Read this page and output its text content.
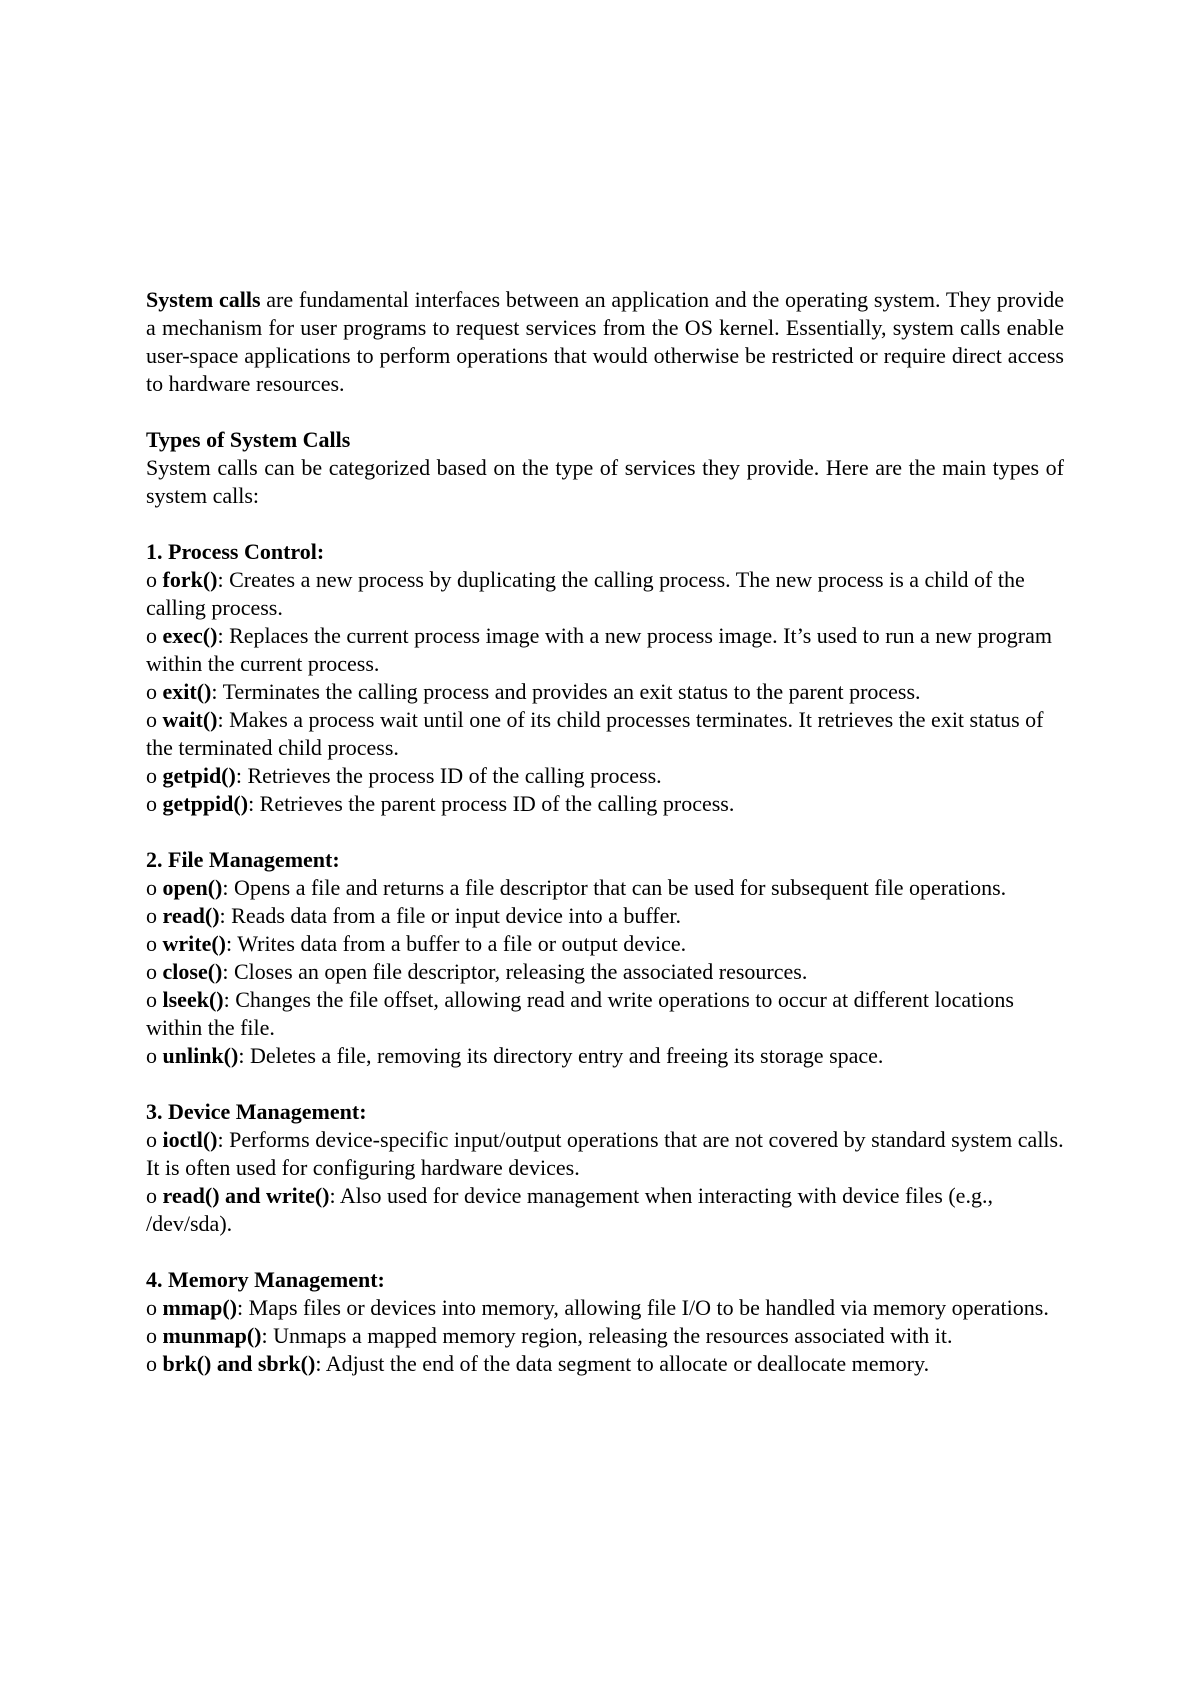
System calls are fundamental interfaces between an application and the operating system. They provide a mechanism for user programs to request services from the OS kernel. Essentially, system calls enable user-space applications to perform operations that would otherwise be restricted or require direct access to hardware resources.

Types of System Calls

System calls can be categorized based on the type of services they provide. Here are the main types of system calls:

1. Process Control:

o fork(): Creates a new process by duplicating the calling process. The new process is a child of the calling process.

o exec(): Replaces the current process image with a new process image. It’s used to run a new program within the current process.

o exit(): Terminates the calling process and provides an exit status to the parent process.

o wait(): Makes a process wait until one of its child processes terminates. It retrieves the exit status of the terminated child process.

o getpid(): Retrieves the process ID of the calling process.

o getppid(): Retrieves the parent process ID of the calling process.

2. File Management:

o open(): Opens a file and returns a file descriptor that can be used for subsequent file operations.

o read(): Reads data from a file or input device into a buffer.

o write(): Writes data from a buffer to a file or output device.

o close(): Closes an open file descriptor, releasing the associated resources.

o lseek(): Changes the file offset, allowing read and write operations to occur at different locations within the file.

o unlink(): Deletes a file, removing its directory entry and freeing its storage space.

3. Device Management:

o ioctl(): Performs device-specific input/output operations that are not covered by standard system calls. It is often used for configuring hardware devices.

o read() and write(): Also used for device management when interacting with device files (e.g., /dev/sda).

4. Memory Management:

o mmap(): Maps files or devices into memory, allowing file I/O to be handled via memory operations.

o munmap(): Unmaps a mapped memory region, releasing the resources associated with it.

o brk() and sbrk(): Adjust the end of the data segment to allocate or deallocate memory.
